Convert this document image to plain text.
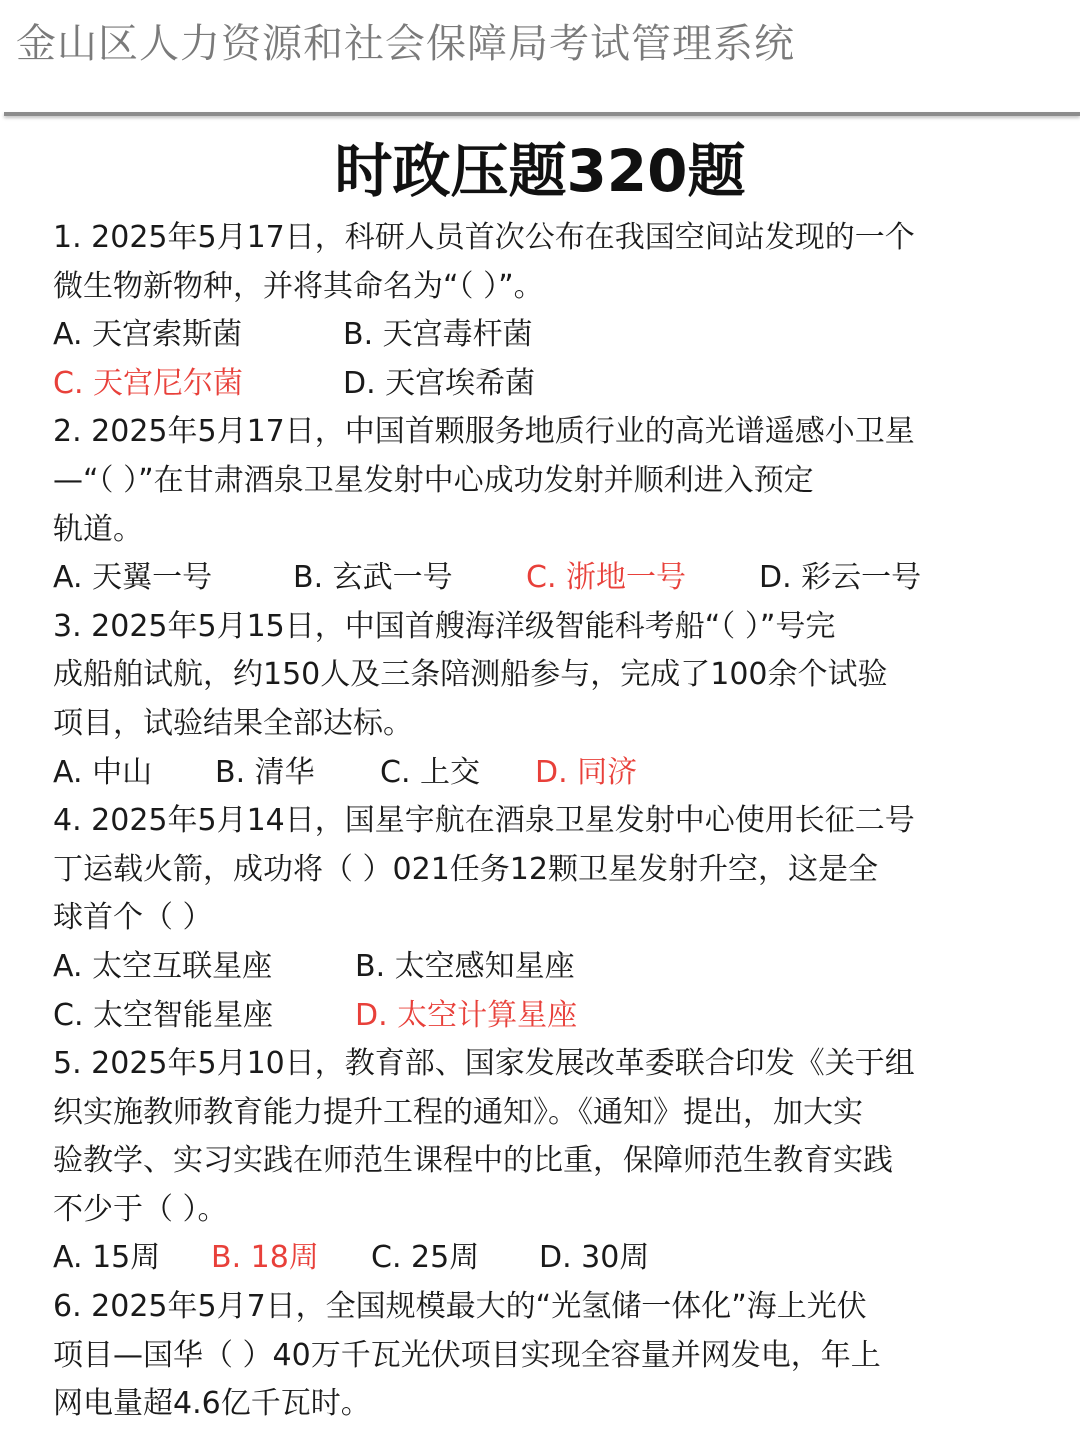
金山区人力资源和社会保障局考试管理系统
时政压题320题
1. 2025年5月17日，科研人员首次公布在我国空间站发现的一个
微生物新物种，并将其命名为“（ ）”。
A. 天宫索斯菌	B. 天宫毒杆菌
C. 天宫尼尔菌	D. 天宫埃希菌
2. 2025年5月17日，中国首颗服务地质行业的高光谱遥感小卫星
—“（ ）”在甘肃酒泉卫星发射中心成功发射并顺利进入预定
轨道。
A. 天翼一号	B. 玄武一号 C. 浙地一号 D. 彩云一号
3. 2025年5月15日，中国首艘海洋级智能科考船“（ ）”号完
成船舶试航，约150人及三条陪测船参与，完成了100余个试验
项目，试验结果全部达标。
A. 中山 B. 清华 C. 上交 D. 同济
4. 2025年5月14日，国星宇航在酒泉卫星发射中心使用长征二号
丁运载火箭，成功将（ ）021任务12颗卫星发射升空，这是全
球首个（ ）
A. 太空互联星座	B. 太空感知星座
C. 太空智能星座	D. 太空计算星座
5. 2025年5月10日，教育部、国家发展改革委联合印发《关于组
织实施教师教育能力提升工程的通知》。《通知》提出，加大实
验教学、实习实践在师范生课程中的比重，保障师范生教育实践
不少于（ ）。
A. 15周 B. 18周 C. 25周 D. 30周
6. 2025年5月7日，全国规模最大的“光氢储一体化”海上光伏
项目—国华（ ）40万千瓦光伏项目实现全容量并网发电，年上
网电量超4.6亿千瓦时。
